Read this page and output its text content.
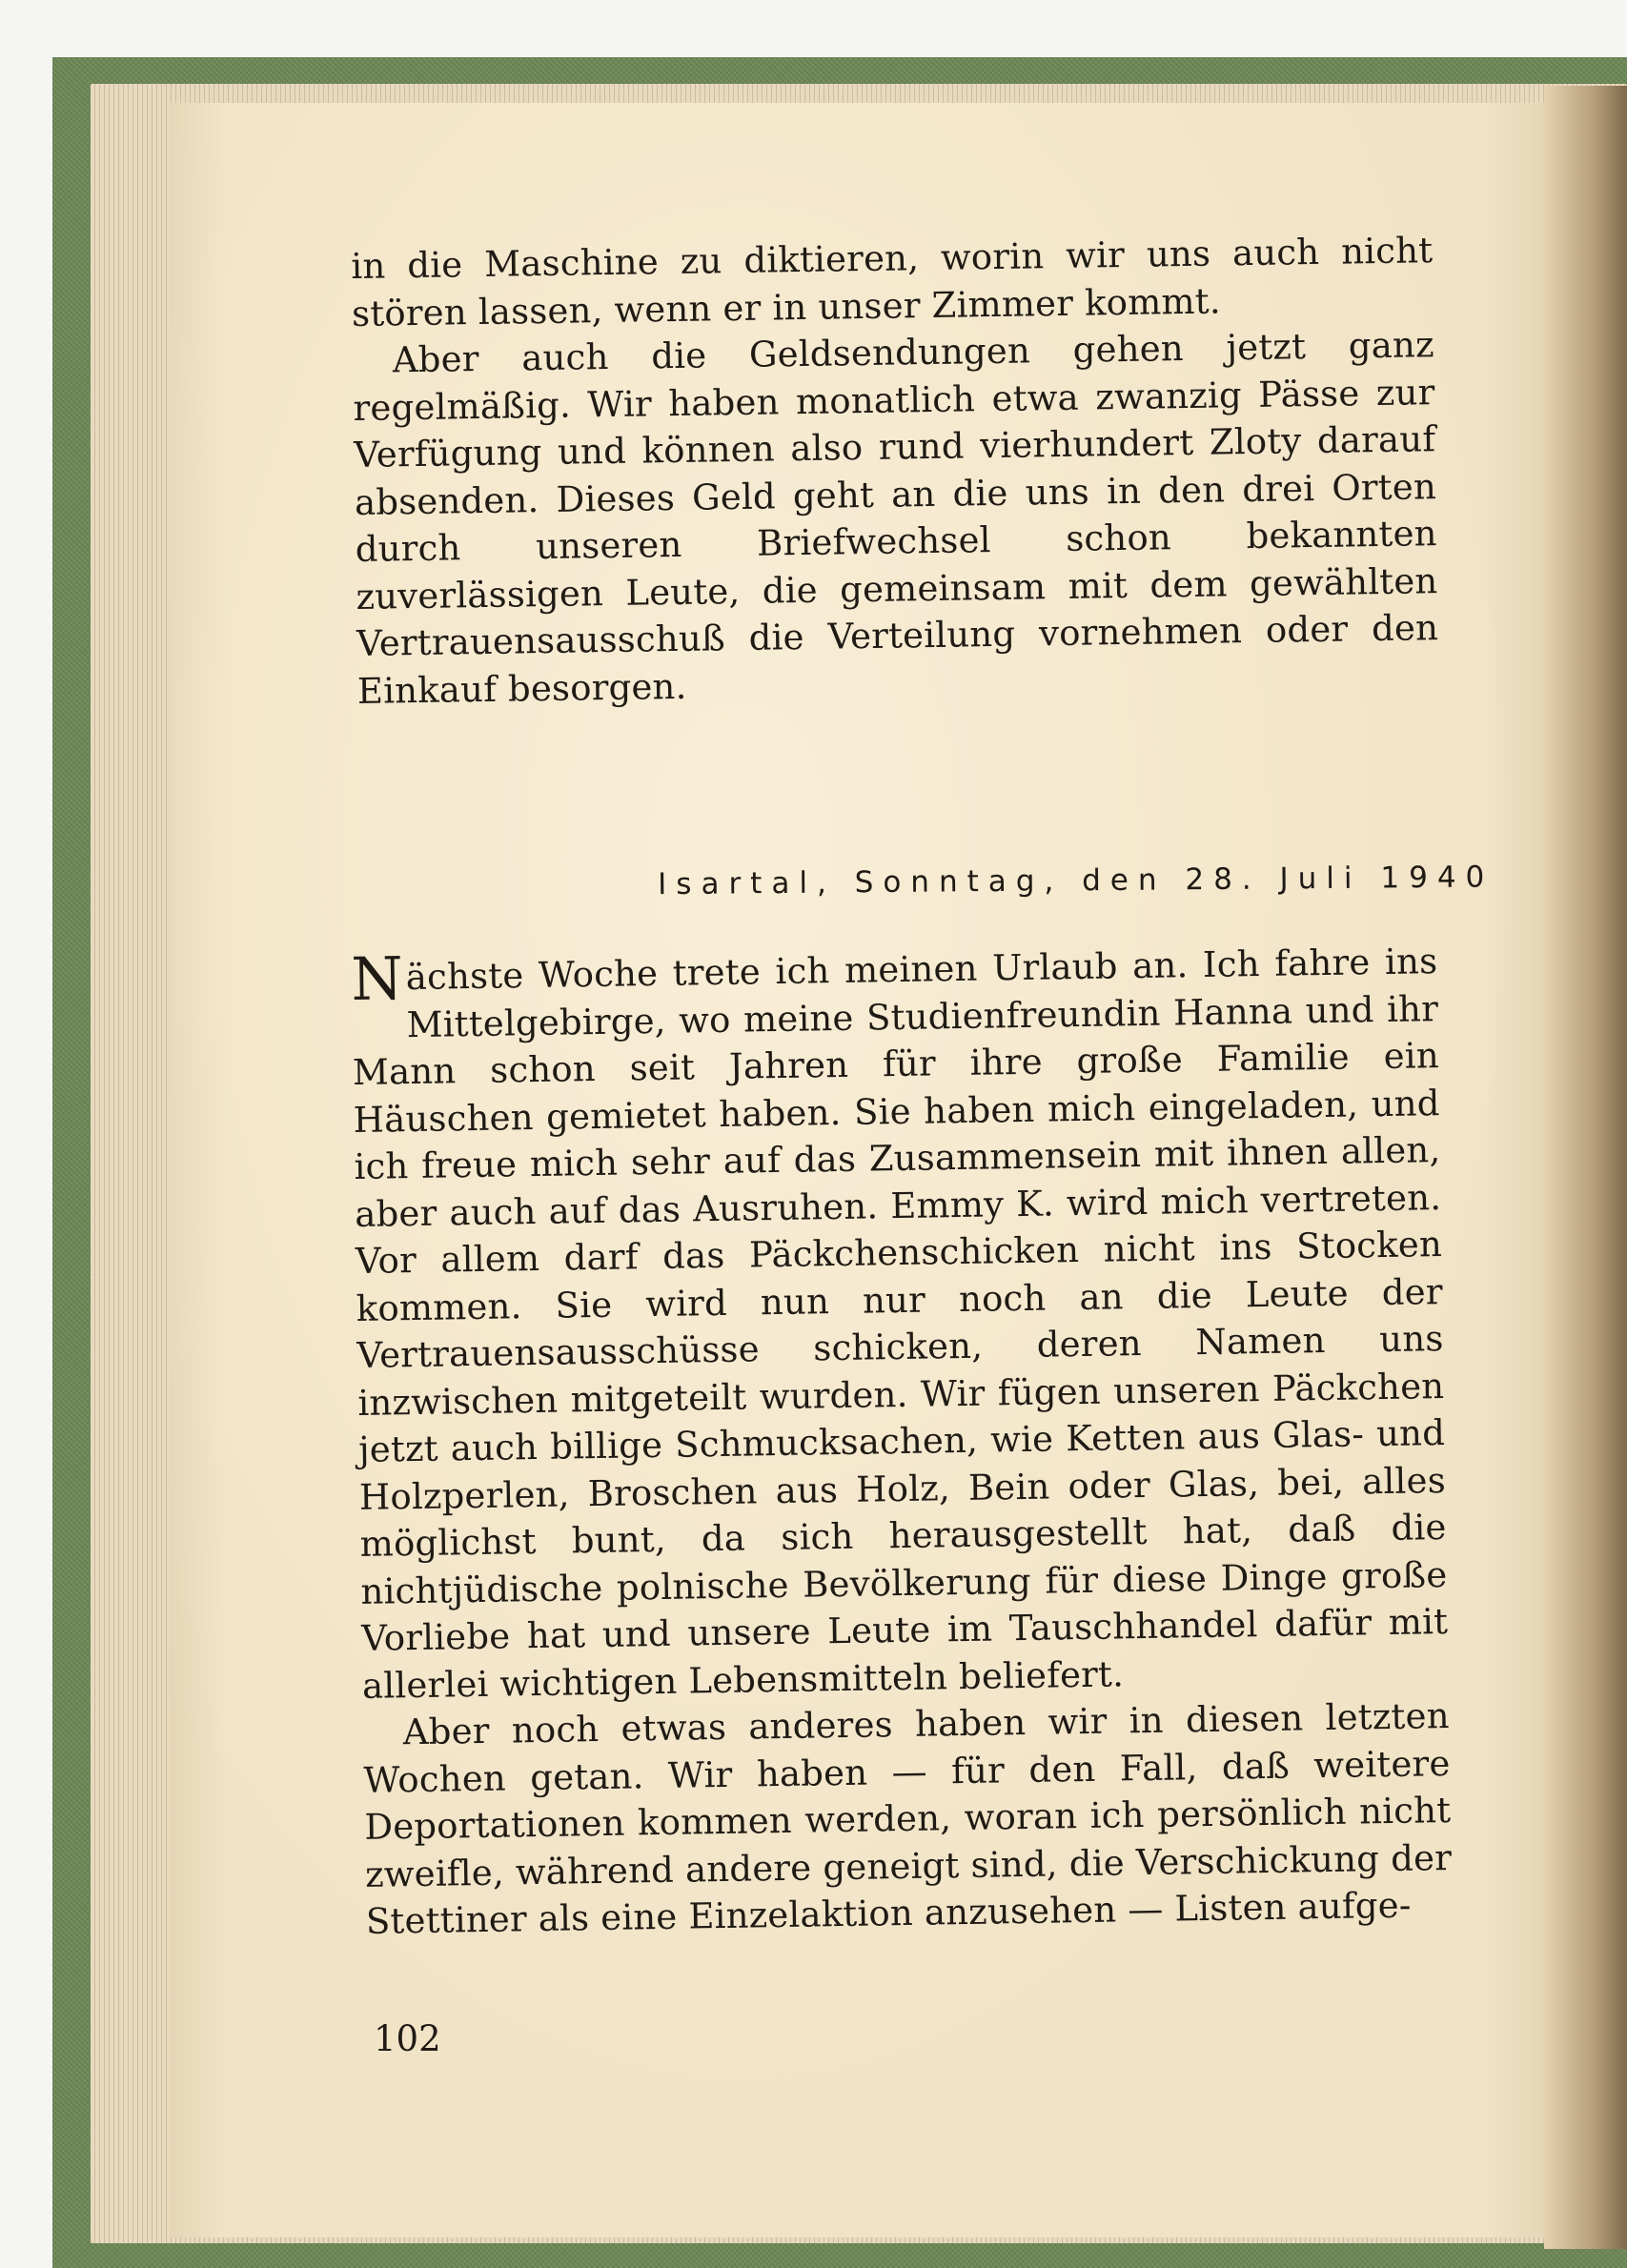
in die Maschine zu diktieren, worin wir uns auch nicht stören lassen, wenn er in unser Zimmer kommt.

Aber auch die Geldsendungen gehen jetzt ganz regelmäßig. Wir haben monatlich etwa zwanzig Pässe zur Verfügung und können also rund vierhundert Zloty darauf absenden. Dieses Geld geht an die uns in den drei Orten durch unseren Briefwechsel schon bekannten zuverlässigen Leute, die gemeinsam mit dem gewählten Vertrauensausschuß die Verteilung vornehmen oder den Einkauf besorgen.

Isartal, Sonntag, den 28. Juli 1940

Nächste Woche trete ich meinen Urlaub an. Ich fahre ins Mittelgebirge, wo meine Studienfreundin Hanna und ihr Mann schon seit Jahren für ihre große Familie ein Häuschen gemietet haben. Sie haben mich eingeladen, und ich freue mich sehr auf das Zusammensein mit ihnen allen, aber auch auf das Ausruhen. Emmy K. wird mich vertreten. Vor allem darf das Päckchenschicken nicht ins Stocken kommen. Sie wird nun nur noch an die Leute der Vertrauensausschüsse schicken, deren Namen uns inzwischen mitgeteilt wurden. Wir fügen unseren Päckchen jetzt auch billige Schmucksachen, wie Ketten aus Glas- und Holzperlen, Broschen aus Holz, Bein oder Glas, bei, alles möglichst bunt, da sich herausgestellt hat, daß die nichtjüdische polnische Bevölkerung für diese Dinge große Vorliebe hat und unsere Leute im Tauschhandel dafür mit allerlei wichtigen Lebensmitteln beliefert.

Aber noch etwas anderes haben wir in diesen letzten Wochen getan. Wir haben — für den Fall, daß weitere Deportationen kommen werden, woran ich persönlich nicht zweifle, während andere geneigt sind, die Verschickung der Stettiner als eine Einzelaktion anzusehen — Listen aufge-

102
